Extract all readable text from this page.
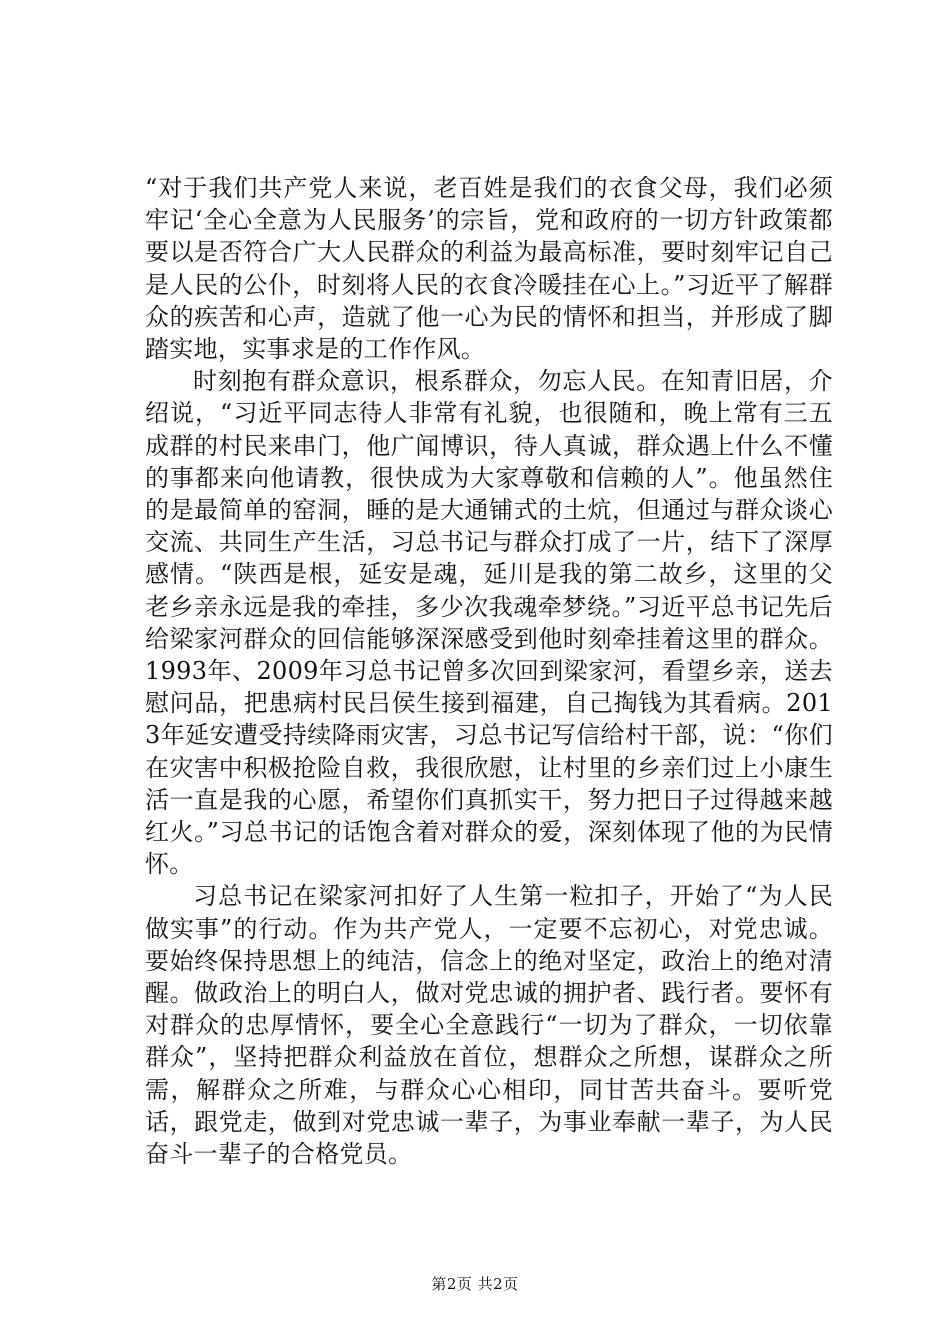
“对于我们共产党人来说，老百姓是我们的衣食父母，我们必须牢记‘全心全意为人民服务’的宗旨，党和政府的一切方针政策都要以是否符合广大人民群众的利益为最高标准，要时刻牢记自己是人民的公仆，时刻将人民的衣食冷暖挂在心上。”习近平了解群众的疾苦和心声，造就了他一心为民的情怀和担当，并形成了脚踏实地，实事求是的工作作风。

时刻抱有群众意识，根系群众，勿忘人民。在知青旧居，介绍说，“习近平同志待人非常有礼貌，也很随和，晚上常有三五成群的村民来串门，他广闻博识，待人真诚，群众遇上什么不懂的事都来向他请教，很快成为大家尊敬和信赖的人”。他虽然住的是最简单的窑洞，睡的是大通铺式的土炕，但通过与群众谈心交流、共同生产生活，习总书记与群众打成了一片，结下了深厚感情。“陕西是根，延安是魂，延川是我的第二故乡，这里的父老乡亲永远是我的牵挂，多少次我魂牵梦绕。”习近平总书记先后给梁家河群众的回信能够深深感受到他时刻牵挂着这里的群众。1993年、2009年习总书记曾多次回到梁家河，看望乡亲，送去慰问品，把患病村民吕侯生接到福建，自己掏钱为其看病。2013年延安遭受持续降雨灾害，习总书记写信给村干部，说：“你们在灾害中积极抢险自救，我很欣慰，让村里的乡亲们过上小康生活一直是我的心愿，希望你们真抓实干，努力把日子过得越来越红火。”习总书记的话饱含着对群众的爱，深刻体现了他的为民情怀。

习总书记在梁家河扣好了人生第一粒扣子，开始了“为人民做实事”的行动。作为共产党人，一定要不忘初心，对党忠诚。要始终保持思想上的纯洁，信念上的绝对坚定，政治上的绝对清醒。做政治上的明白人，做对党忠诚的拥护者、践行者。要怀有对群众的忠厚情怀，要全心全意践行“一切为了群众，一切依靠群众”，坚持把群众利益放在首位，想群众之所想，谋群众之所需，解群众之所难，与群众心心相印，同甘苦共奋斗。要听党话，跟党走，做到对党忠诚一辈子，为事业奉献一辈子，为人民奋斗一辈子的合格党员。

第2页 共2页
